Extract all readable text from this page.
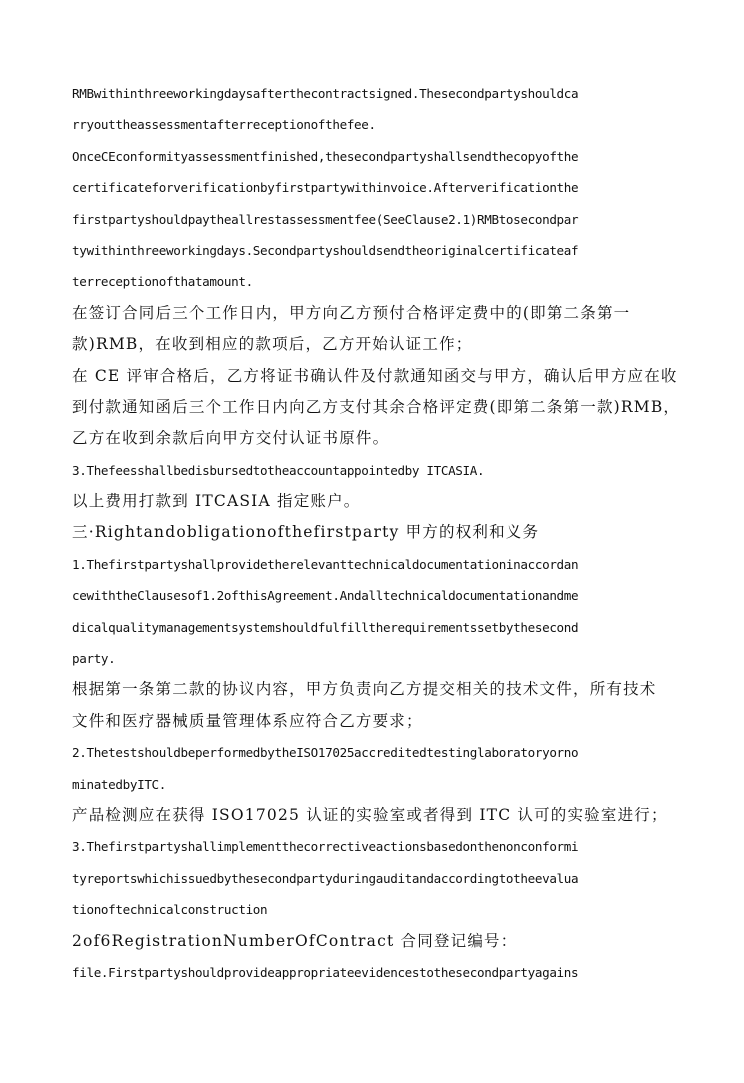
RMBwithinthreeworkingdaysafterthecontractsigned.Thesecondpartyshouldca
rryouttheassessmentafterreceptionofthefee.
OnceCEconformityassessmentfinished,thesecondpartyshallsendthecopyofthe
certificateforverificationbyfirstpartywithinvoice.Afterverificationthe
firstpartyshouldpaytheallrestassessmentfee(SeeClause2.1)RMBtosecondpar
tywithinthreeworkingdays.Secondpartyshouldsendtheoriginalcertificateaf
terreceptionofthatamount.
在签订合同后三个工作日内，甲方向乙方预付合格评定费中的(即第二条第一
款)RMB，在收到相应的款项后，乙方开始认证工作；
在 CE 评审合格后，乙方将证书确认件及付款通知函交与甲方，确认后甲方应在收
到付款通知函后三个工作日内向乙方支付其余合格评定费(即第二条第一款)RMB，
乙方在收到余款后向甲方交付认证书原件。
3.Thefeesshallbedisbursedtotheaccountappointedby ITCASIA.
以上费用打款到 ITCASIA 指定账户。
三·Rightandobligationofthefirstparty 甲方的权利和义务
1.Thefirstpartyshallprovidetherelevanttechnicaldocumentationinaccordan
cewiththeClausesof1.2ofthisAgreement.Andalltechnicaldocumentationandme
dicalqualitymanagementsystemshouldfulfilltherequirementssetbythesecond
party.
根据第一条第二款的协议内容，甲方负责向乙方提交相关的技术文件，所有技术
文件和医疗器械质量管理体系应符合乙方要求；
2.ThetestshouldbeperformedbytheISO17025accreditedtestinglaboratoryorno
minatedbyITC.
产品检测应在获得 ISO17025 认证的实验室或者得到 ITC 认可的实验室进行；
3.Thefirstpartyshallimplementthecorrectiveactionsbasedonthenonconformi
tyreportswhichissuedbythesecondpartyduringauditandaccordingtotheevalua
tionoftechnicalconstruction
2of6RegistrationNumberOfContract 合同登记编号：
file.Firstpartyshouldprovideappropriateevidencestothesecondpartyagains
